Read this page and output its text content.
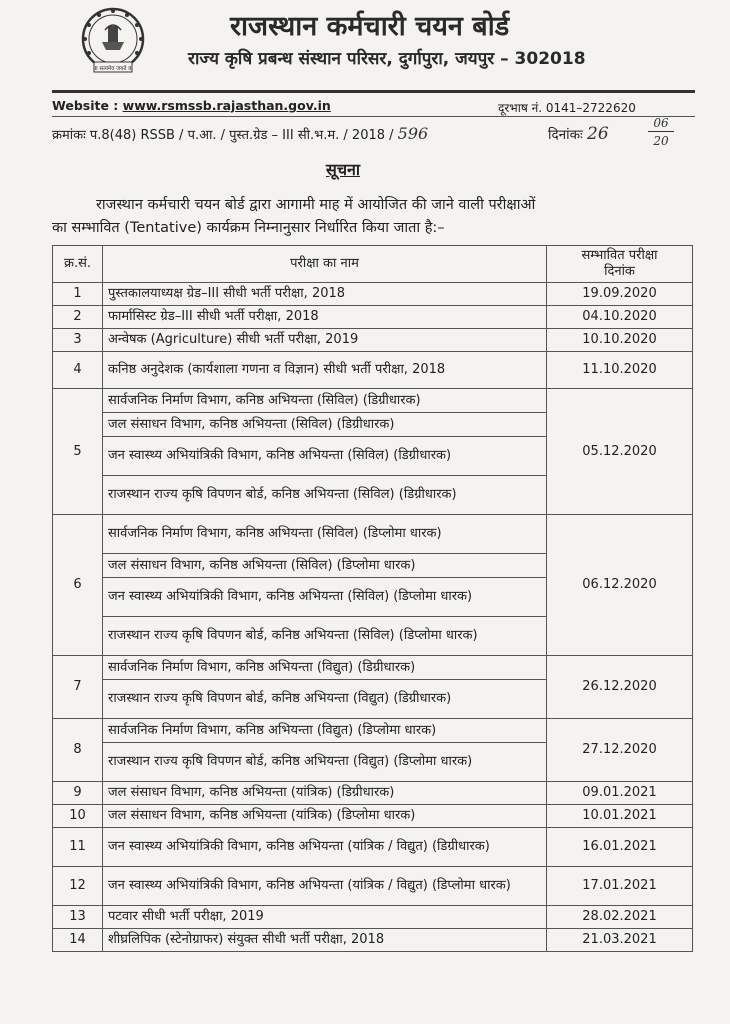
II सत्यमेव जयते II
राजस्थान कर्मचारी चयन बोर्ड
राज्य कृषि प्रबन्ध संस्थान परिसर, दुर्गापुरा, जयपुर – 302018
Website : www.rsmssb.rajasthan.gov.in	दूरभाष नं. 0141–2722620
क्रमांकः प.8(48) RSSB / प.आ. / पुस्त.ग्रेड – III सी.भ.म. / 2018 / 596	दिनांकः 26
06
20
सूचना
राजस्थान कर्मचारी चयन बोर्ड द्वारा आगामी माह में आयोजित की जाने वाली परीक्षाओं
का सम्भावित (Tentative) कार्यक्रम निम्नानुसार निर्धारित किया जाता है:–
क्र.सं.	परीक्षा का नाम	सम्भावित परीक्षा
दिनांक
1	पुस्तकालयाध्यक्ष ग्रेड–III सीधी भर्ती परीक्षा, 2018	19.09.2020
2	फार्मासिस्ट ग्रेड–III सीधी भर्ती परीक्षा, 2018	04.10.2020
3	अन्वेषक (Agriculture) सीधी भर्ती परीक्षा, 2019	10.10.2020
4	कनिष्ठ अनुदेशक (कार्यशाला गणना व विज्ञान) सीधी भर्ती परीक्षा, 2018	11.10.2020
5	सार्वजनिक निर्माण विभाग, कनिष्ठ अभियन्ता (सिविल) (डिग्रीधारक)	05.12.2020
	जल संसाधन विभाग, कनिष्ठ अभियन्ता (सिविल) (डिग्रीधारक)	
	जन स्वास्थ्य अभियांत्रिकी विभाग, कनिष्ठ अभियन्ता (सिविल) (डिग्रीधारक)	
	राजस्थान राज्य कृषि विपणन बोर्ड, कनिष्ठ अभियन्ता (सिविल) (डिग्रीधारक)	
6	सार्वजनिक निर्माण विभाग, कनिष्ठ अभियन्ता (सिविल) (डिप्लोमा धारक)	06.12.2020
	जल संसाधन विभाग, कनिष्ठ अभियन्ता (सिविल) (डिप्लोमा धारक)	
	जन स्वास्थ्य अभियांत्रिकी विभाग, कनिष्ठ अभियन्ता (सिविल) (डिप्लोमा धारक)	
	राजस्थान राज्य कृषि विपणन बोर्ड, कनिष्ठ अभियन्ता (सिविल) (डिप्लोमा धारक)	
7	सार्वजनिक निर्माण विभाग, कनिष्ठ अभियन्ता (विद्युत) (डिग्रीधारक)	26.12.2020
	राजस्थान राज्य कृषि विपणन बोर्ड, कनिष्ठ अभियन्ता (विद्युत) (डिग्रीधारक)	
8	सार्वजनिक निर्माण विभाग, कनिष्ठ अभियन्ता (विद्युत) (डिप्लोमा धारक)	27.12.2020
	राजस्थान राज्य कृषि विपणन बोर्ड, कनिष्ठ अभियन्ता (विद्युत) (डिप्लोमा धारक)	
9	जल संसाधन विभाग, कनिष्ठ अभियन्ता (यांत्रिक) (डिग्रीधारक)	09.01.2021
10	जल संसाधन विभाग, कनिष्ठ अभियन्ता (यांत्रिक) (डिप्लोमा धारक)	10.01.2021
11	जन स्वास्थ्य अभियांत्रिकी विभाग, कनिष्ठ अभियन्ता (यांत्रिक / विद्युत) (डिग्रीधारक)	16.01.2021
12	जन स्वास्थ्य अभियांत्रिकी विभाग, कनिष्ठ अभियन्ता (यांत्रिक / विद्युत) (डिप्लोमा धारक)	17.01.2021
13	पटवार सीधी भर्ती परीक्षा, 2019	28.02.2021
14	शीघ्रलिपिक (स्टेनोग्राफर) संयुक्त सीधी भर्ती परीक्षा, 2018	21.03.2021
